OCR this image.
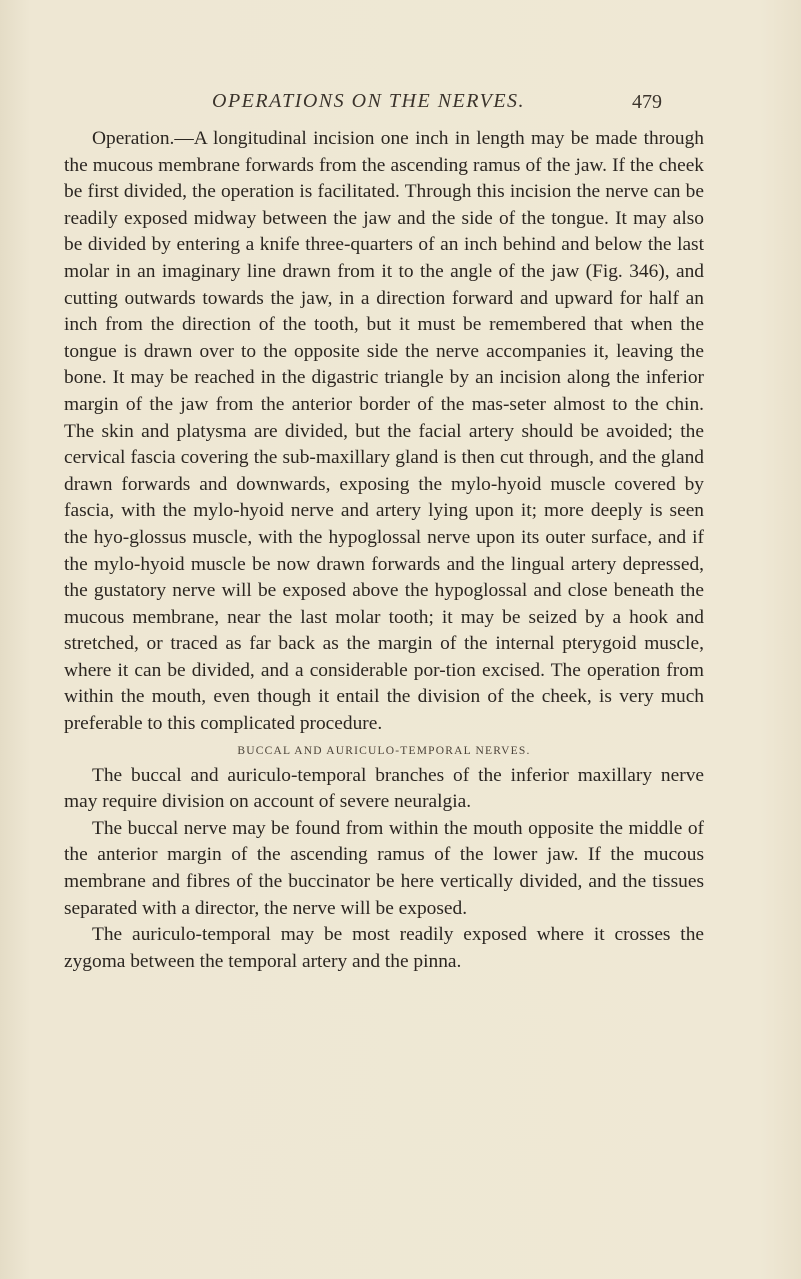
OPERATIONS ON THE NERVES.	479

Operation.—A longitudinal incision one inch in length may be made through the mucous membrane forwards from the ascending ramus of the jaw. If the cheek be first divided, the operation is facilitated. Through this incision the nerve can be readily exposed midway between the jaw and the side of the tongue. It may also be divided by entering a knife three-quarters of an inch behind and below the last molar in an imaginary line drawn from it to the angle of the jaw (Fig. 346), and cutting outwards towards the jaw, in a direction forward and upward for half an inch from the direction of the tooth, but it must be remembered that when the tongue is drawn over to the opposite side the nerve accompanies it, leaving the bone. It may be reached in the digastric triangle by an incision along the inferior margin of the jaw from the anterior border of the mas-seter almost to the chin. The skin and platysma are divided, but the facial artery should be avoided; the cervical fascia covering the sub-maxillary gland is then cut through, and the gland drawn forwards and downwards, exposing the mylo-hyoid muscle covered by fascia, with the mylo-hyoid nerve and artery lying upon it; more deeply is seen the hyo-glossus muscle, with the hypoglossal nerve upon its outer surface, and if the mylo-hyoid muscle be now drawn forwards and the lingual artery depressed, the gustatory nerve will be exposed above the hypoglossal and close beneath the mucous membrane, near the last molar tooth; it may be seized by a hook and stretched, or traced as far back as the margin of the internal pterygoid muscle, where it can be divided, and a considerable por-tion excised. The operation from within the mouth, even though it entail the division of the cheek, is very much preferable to this complicated procedure.

BUCCAL AND AURICULO-TEMPORAL NERVES.

The buccal and auriculo-temporal branches of the inferior maxillary nerve may require division on account of severe neuralgia.

The buccal nerve may be found from within the mouth opposite the middle of the anterior margin of the ascending ramus of the lower jaw. If the mucous membrane and fibres of the buccinator be here vertically divided, and the tissues separated with a director, the nerve will be exposed.

The auriculo-temporal may be most readily exposed where it crosses the zygoma between the temporal artery and the pinna.
